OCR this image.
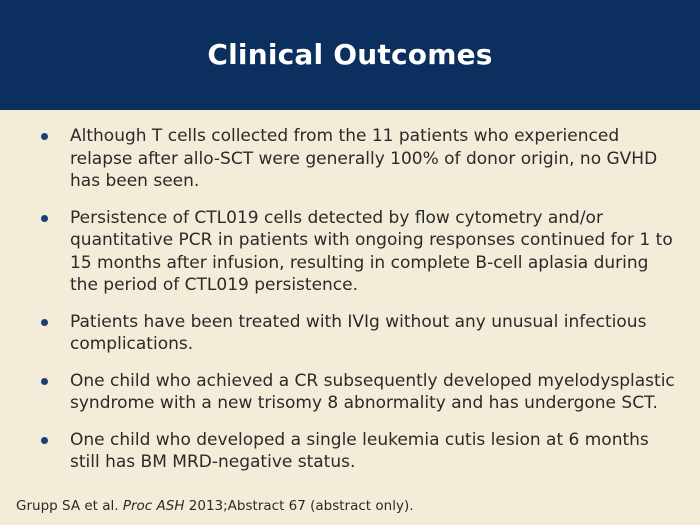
Clinical Outcomes
Although T cells collected from the 11 patients who experienced relapse after allo-SCT were generally 100% of donor origin, no GVHD has been seen.
Persistence of CTL019 cells detected by flow cytometry and/or quantitative PCR in patients with ongoing responses continued for 1 to 15 months after infusion, resulting in complete B-cell aplasia during the period of CTL019 persistence.
Patients have been treated with IVIg without any unusual infectious complications.
One child who achieved a CR subsequently developed myelodysplastic syndrome with a new trisomy 8 abnormality and has undergone SCT.
One child who developed a single leukemia cutis lesion at 6 months still has BM MRD-negative status.
Grupp SA et al. Proc ASH 2013;Abstract 67 (abstract only).
